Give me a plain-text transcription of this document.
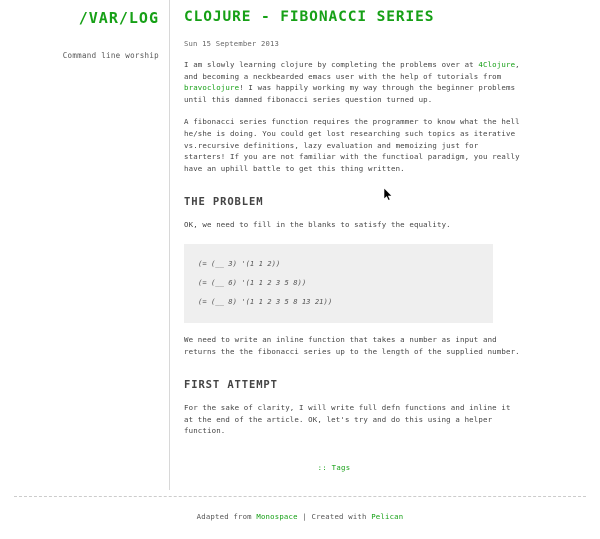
/VAR/LOG
Command line worship
CLOJURE - FIBONACCI SERIES
Sun 15 September 2013

I am slowly learning clojure by completing the problems over at 4Clojure, and becoming a neckbearded emacs user with the help of tutorials from bravoclojure! I was happily working my way through the beginner problems until this damned fibonacci series question turned up.

A fibonacci series function requires the programmer to know what the hell he/she is doing. You could get lost researching such topics as iterative vs.recursive definitions, lazy evaluation and memoizing just for starters! If you are not familiar with the functioal paradigm, you really have an uphill battle to get this thing written.

THE PROBLEM

OK, we need to fill in the blanks to satisfy the equality.

(= (__ 3) '(1 1 2))
(= (__ 6) '(1 1 2 3 5 8))
(= (__ 8) '(1 1 2 3 5 8 13 21))

We need to write an inline function that takes a number as input and returns the the fibonacci series up to the length of the supplied number.

FIRST ATTEMPT

For the sake of clarity, I will write full defn functions and inline it at the end of the article. OK, let's try and do this using a helper function.

:: Tags
Adapted from Monospace | Created with Pelican
